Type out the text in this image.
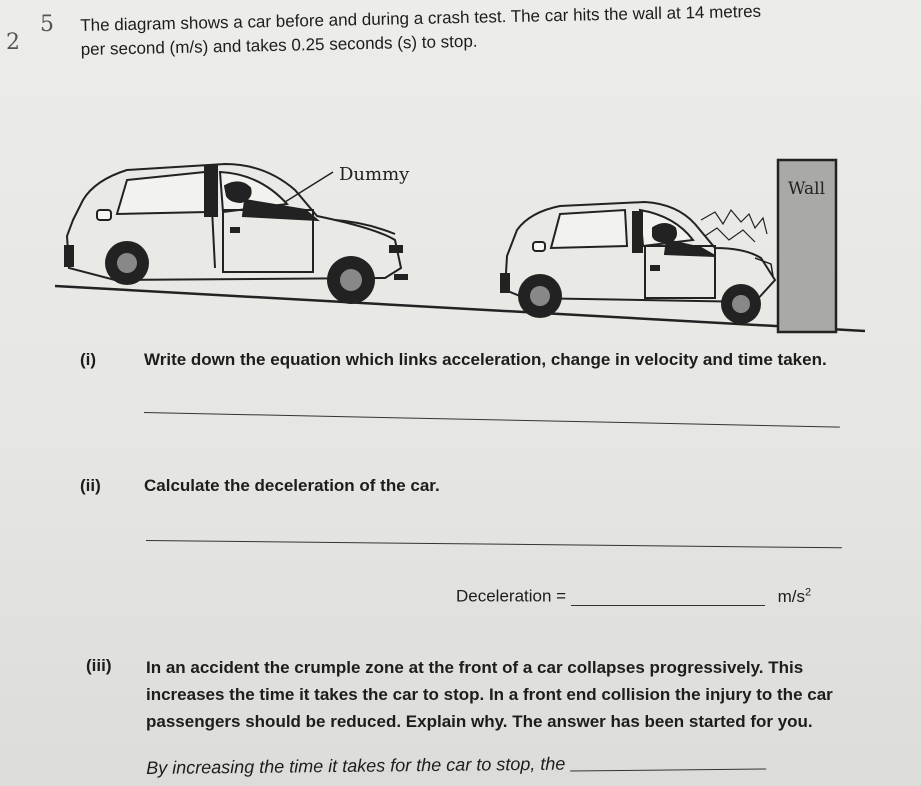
5
2
The diagram shows a car before and during a crash test. The car hits the wall at 14 metres
per second (m/s) and takes 0.25 seconds (s) to stop.
Dummy
Wall
(i)	Write down the equation which links acceleration, change in velocity and time taken.
(ii)	Calculate the deceleration of the car.
Deceleration =	$m/s^2$
(iii) In an accident the crumple zone at the front of a car collapses progressively. This
increases the time it takes the car to stop. In a front end collision the injury to the car
passengers should be reduced. Explain why. The answer has been started for you.
By increasing the time it takes for the car to stop, the
